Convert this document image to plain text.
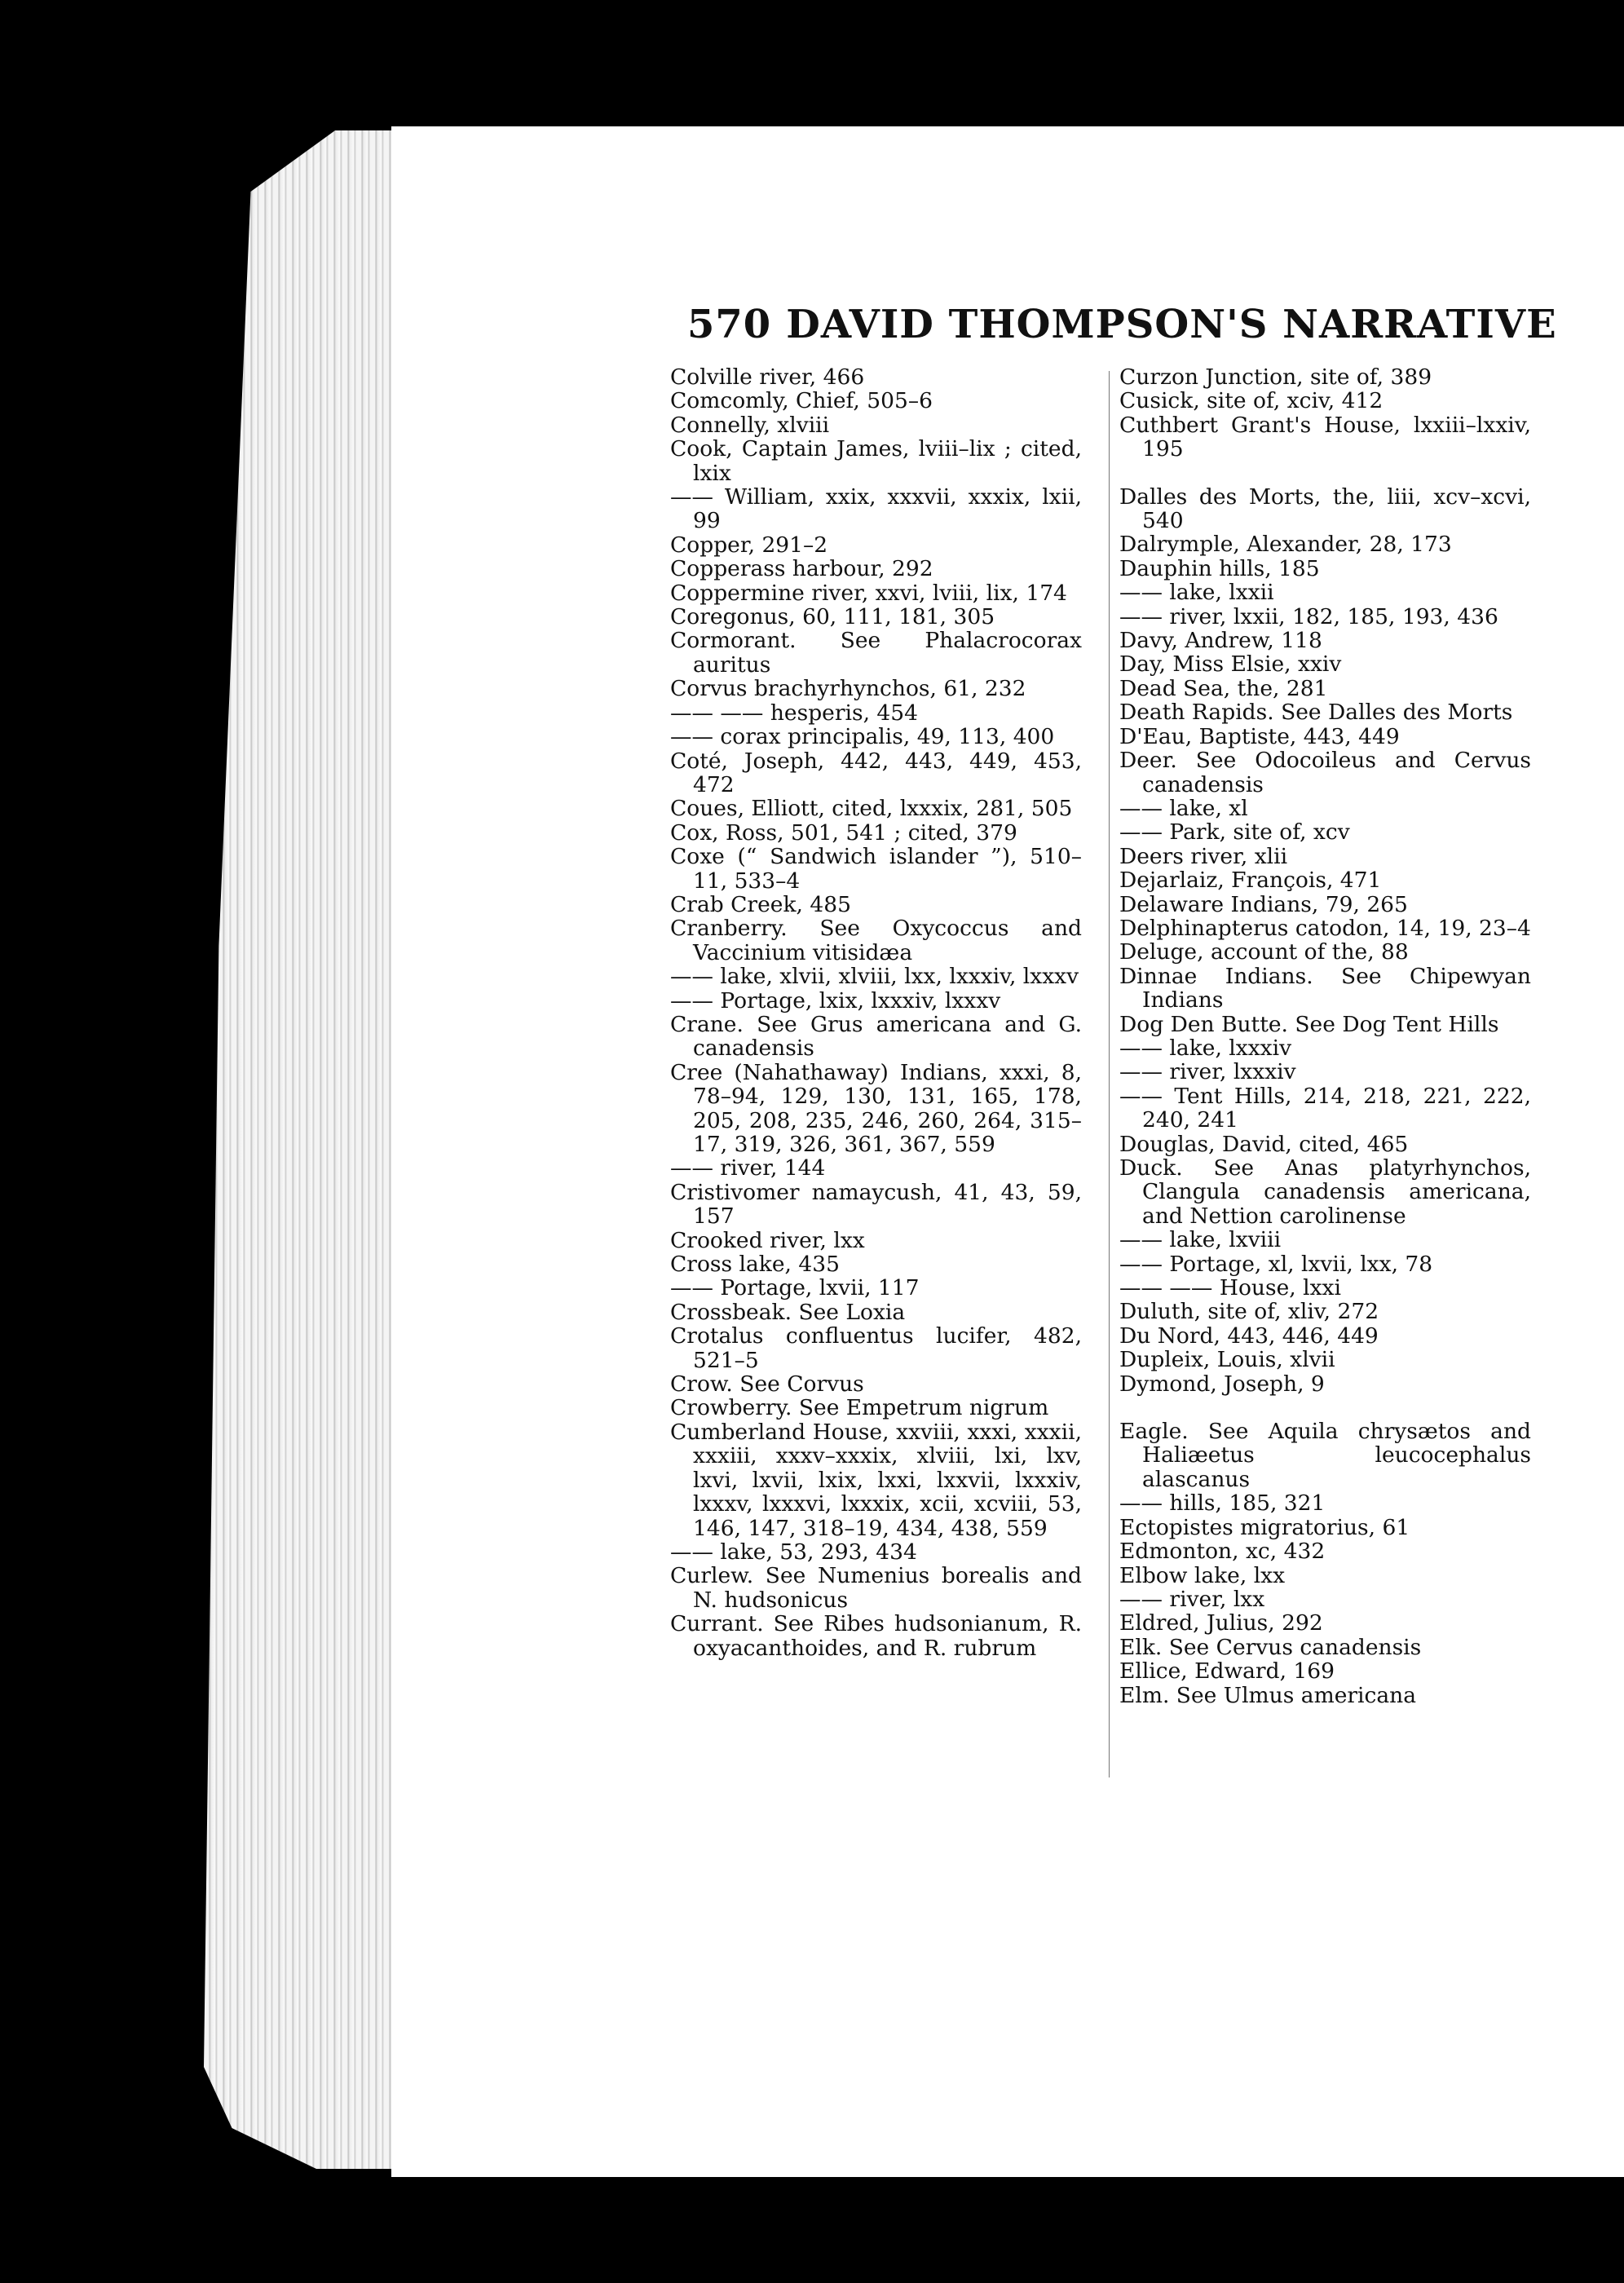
570 DAVID THOMPSON'S NARRATIVE
Colville river, 466
Comcomly, Chief, 505–6
Connelly, xlviii
Cook, Captain James, lviii–lix ; cited, lxix
—— William, xxix, xxxvii, xxxix, lxii, 99
Copper, 291–2
Copperass harbour, 292
Coppermine river, xxvi, lviii, lix, 174
Coregonus, 60, 111, 181, 305
Cormorant. See Phalacrocorax auritus
Corvus brachyrhynchos, 61, 232
—— —— hesperis, 454
—— corax principalis, 49, 113, 400
Coté, Joseph, 442, 443, 449, 453, 472
Coues, Elliott, cited, lxxxix, 281, 505
Cox, Ross, 501, 541 ; cited, 379
Coxe (“ Sandwich islander ”), 510–11, 533–4
Crab Creek, 485
Cranberry. See Oxycoccus and Vaccinium vitisidæa
—— lake, xlvii, xlviii, lxx, lxxxiv, lxxxv
—— Portage, lxix, lxxxiv, lxxxv
Crane. See Grus americana and G. canadensis
Cree (Nahathaway) Indians, xxxi, 8, 78–94, 129, 130, 131, 165, 178, 205, 208, 235, 246, 260, 264, 315–17, 319, 326, 361, 367, 559
—— river, 144
Cristivomer namaycush, 41, 43, 59, 157
Crooked river, lxx
Cross lake, 435
—— Portage, lxvii, 117
Crossbeak. See Loxia
Crotalus confluentus lucifer, 482, 521–5
Crow. See Corvus
Crowberry. See Empetrum nigrum
Cumberland House, xxviii, xxxi, xxxii, xxxiii, xxxv–xxxix, xlviii, lxi, lxv, lxvi, lxvii, lxix, lxxi, lxxvii, lxxxiv, lxxxv, lxxxvi, lxxxix, xcii, xcviii, 53, 146, 147, 318–19, 434, 438, 559
—— lake, 53, 293, 434
Curlew. See Numenius borealis and N. hudsonicus
Currant. See Ribes hudsonianum, R. oxyacanthoides, and R. rubrum
Curzon Junction, site of, 389
Cusick, site of, xciv, 412
Cuthbert Grant's House, lxxiii–lxxiv, 195
Dalles des Morts, the, liii, xcv–xcvi, 540
Dalrymple, Alexander, 28, 173
Dauphin hills, 185
—— lake, lxxii
—— river, lxxii, 182, 185, 193, 436
Davy, Andrew, 118
Day, Miss Elsie, xxiv
Dead Sea, the, 281
Death Rapids. See Dalles des Morts
D'Eau, Baptiste, 443, 449
Deer. See Odocoileus and Cervus canadensis
—— lake, xl
—— Park, site of, xcv
Deers river, xlii
Dejarlaiz, François, 471
Delaware Indians, 79, 265
Delphinapterus catodon, 14, 19, 23–4
Deluge, account of the, 88
Dinnae Indians. See Chipewyan Indians
Dog Den Butte. See Dog Tent Hills
—— lake, lxxxiv
—— river, lxxxiv
—— Tent Hills, 214, 218, 221, 222, 240, 241
Douglas, David, cited, 465
Duck. See Anas platyrhynchos, Clangula canadensis americana, and Nettion carolinense
—— lake, lxviii
—— Portage, xl, lxvii, lxx, 78
—— —— House, lxxi
Duluth, site of, xliv, 272
Du Nord, 443, 446, 449
Dupleix, Louis, xlvii
Dymond, Joseph, 9
Eagle. See Aquila chrysætos and Haliæetus leucocephalus alascanus
—— hills, 185, 321
Ectopistes migratorius, 61
Edmonton, xc, 432
Elbow lake, lxx
—— river, lxx
Eldred, Julius, 292
Elk. See Cervus canadensis
Ellice, Edward, 169
Elm. See Ulmus americana
